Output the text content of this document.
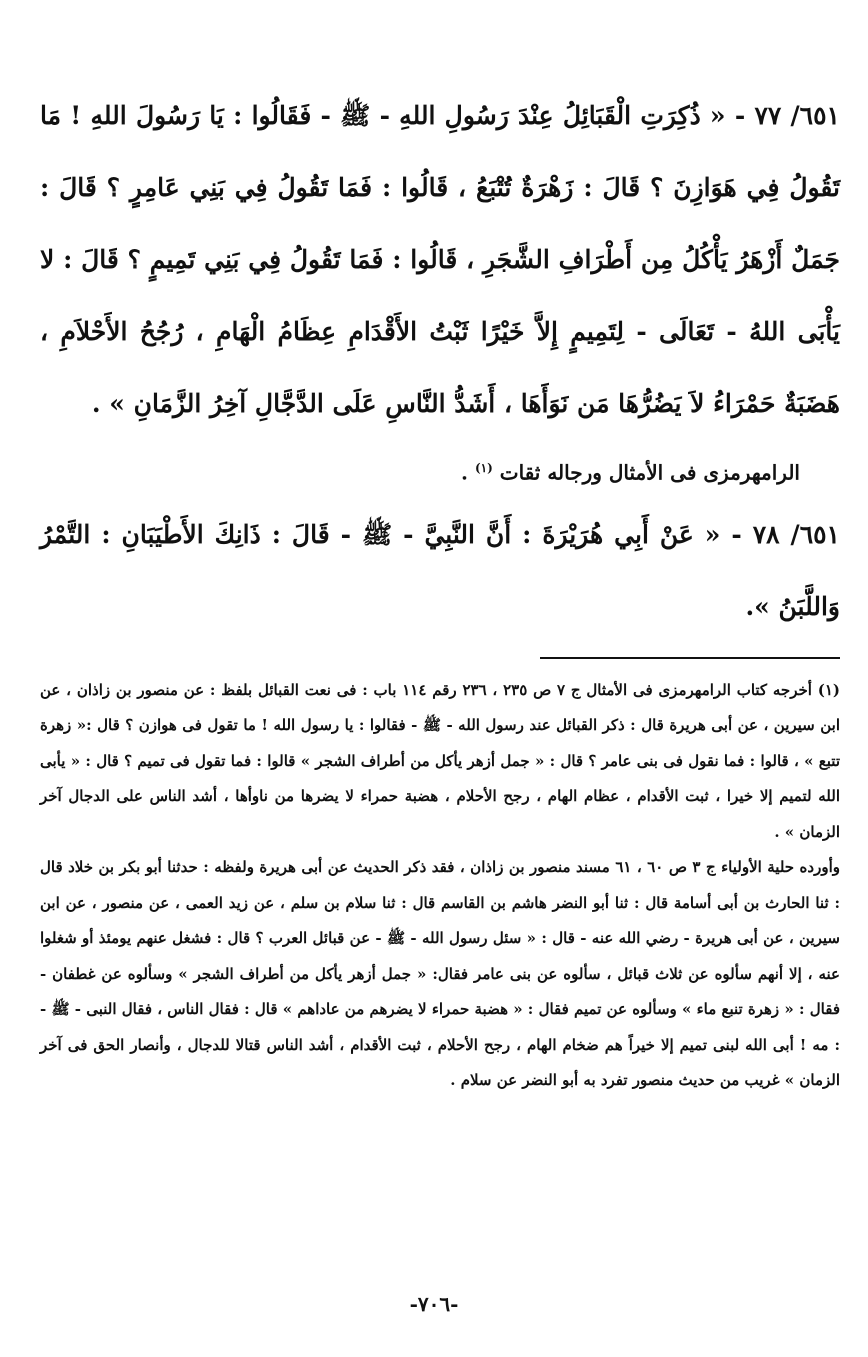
٦٥١/ ٧٧ - « ذُكِرَتِ الْقَبَائِلُ عِنْدَ رَسُولِ اللهِ - ﷺ - فَقَالُوا : يَا رَسُولَ اللهِ ! مَا تَقُولُ فِي هَوَازِنَ ؟ قَالَ : زَهْرَةٌ تُتْبَعُ ، قَالُوا : فَمَا تَقُولُ فِي بَنِي عَامِرٍ ؟ قَالَ : جَمَلٌ أَزْهَرُ يَأْكُلُ مِن أَطْرَافِ الشَّجَرِ ، قَالُوا : فَمَا تَقُولُ فِي بَنِي تَمِيمٍ ؟ قَالَ : لا يَأْبَى اللهُ - تَعَالَى - لِتَمِيمٍ إِلاَّ خَيْرًا ثَبْتُ الأَقْدَامِ عِظَامُ الْهَامِ ، رُجُحُ الأَحْلاَمِ ، هَضَبَةٌ حَمْرَاءُ لاَ يَضُرُّهَا مَن نَوَأَهَا ، أَشَدُّ النَّاسِ عَلَى الدَّجَّالِ آخِرُ الزَّمَانِ » .

الرامهرمزى فى الأمثال ورجاله ثقات $^{(١)}$ .

٦٥١/ ٧٨ - « عَنْ أَبِي هُرَيْرَةَ : أَنَّ النَّبِيَّ - ﷺ - قَالَ : ذَانِكَ الأَطْيَبَانِ : التَّمْرُ وَاللَّبَنُ ».

(١) أخرجه كتاب الرامهرمزى فى الأمثال ج ٧ ص ٢٣٥ ، ٢٣٦ رقم ١١٤ باب : فى نعت القبائل بلفظ : عن منصور بن زاذان ، عن ابن سيرين ، عن أبى هريرة قال : ذكر القبائل عند رسول الله - ﷺ - فقالوا : يا رسول الله ! ما تقول فى هوازن ؟ قال :« زهرة تتبع » ، قالوا : فما نقول فى بنى عامر ؟ قال : « جمل أزهر يأكل من أطراف الشجر » قالوا : فما تقول فى تميم ؟ قال : « يأبى الله لتميم إلا خيرا ، ثبت الأقدام ، عظام الهام ، رجح الأحلام ، هضبة حمراء لا يضرها من ناوأها ، أشد الناس على الدجال آخر الزمان » .

وأورده حلية الأولياء ج ٣ ص ٦٠ ، ٦١ مسند منصور بن زاذان ، فقد ذكر الحديث عن أبى هريرة ولفظه : حدثنا أبو بكر بن خلاد قال : ثنا الحارث بن أبى أسامة قال : ثنا أبو النضر هاشم بن القاسم قال : ثنا سلام بن سلم ، عن زيد العمى ، عن منصور ، عن ابن سيرين ، عن أبى هريرة - رضي الله عنه - قال : « سئل رسول الله - ﷺ - عن قبائل العرب ؟ قال : فشغل عنهم يومئذ أو شغلوا عنه ، إلا أنهم سألوه عن ثلاث قبائل ، سألوه عن بنى عامر فقال: « جمل أزهر يأكل من أطراف الشجر » وسألوه عن غطفان - فقال : « زهرة تنبع ماء » وسألوه عن تميم فقال : « هضبة حمراء لا يضرهم من عاداهم » قال : فقال الناس ، فقال النبى - ﷺ - : مه ! أبى الله لبنى تميم إلا خيراً هم ضخام الهام ، رجح الأحلام ، ثبت الأقدام ، أشد الناس قتالا للدجال ، وأنصار الحق فى آخر الزمان » غريب من حديث منصور تفرد به أبو النضر عن سلام .

-٧٠٦-
